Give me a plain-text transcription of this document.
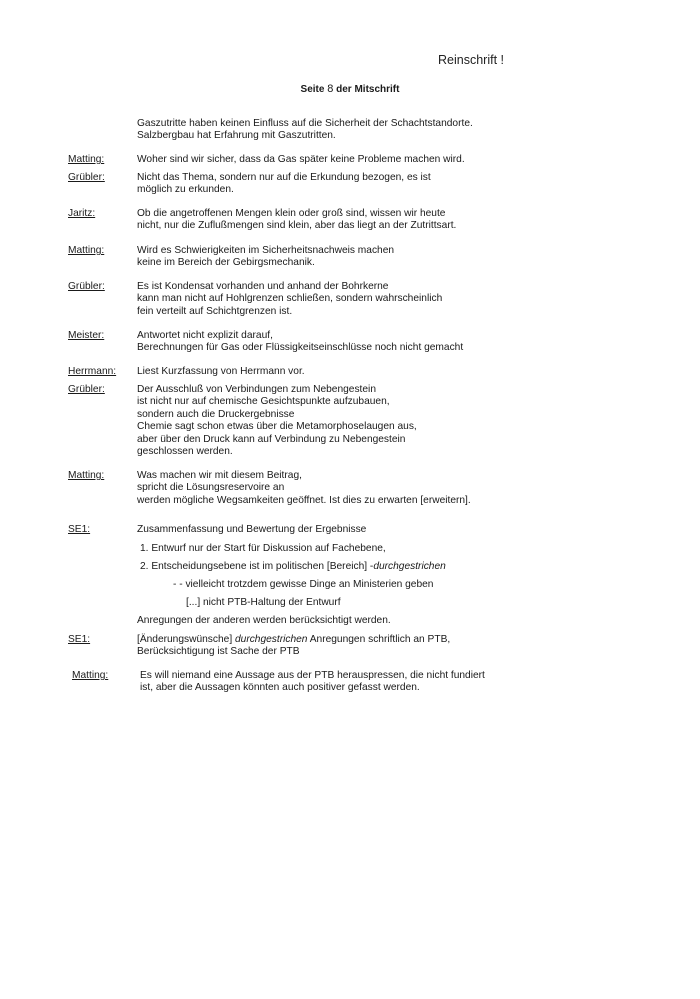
Reinschrift !
Seite 8 der Mitschrift
Gaszutritte haben keinen Einfluss auf die Sicherheit der Schachtstandorte.
Salzbergbau hat Erfahrung mit Gaszutritten.
Matting:	Woher sind wir sicher, dass da Gas später keine Probleme machen wird.
Grübler:	Nicht das Thema, sondern nur auf die Erkundung bezogen, es ist
möglich zu erkunden.
Jaritz:	Ob die angetroffenen Mengen klein oder groß sind, wissen wir heute
nicht, nur die Zuflußmengen sind klein, aber das liegt an der Zutrittsart.
Matting:	Wird es Schwierigkeiten im Sicherheitsnachweis machen
keine im Bereich der Gebirgsmechanik.
Grübler:	Es ist Kondensat vorhanden und anhand der Bohrkerne
kann man nicht auf Hohlgrenzen schließen, sondern wahrscheinlich
fein verteilt auf Schichtgrenzen ist.
Meister:	Antwortet nicht explizit darauf,
Berechnungen für Gas oder Flüssigkeitseinschlüsse noch nicht gemacht
Herrmann: Liest Kurzfassung von Herrmann vor.
Grübler:	Der Ausschluß von Verbindungen zum Nebengestein
ist nicht nur auf chemische Gesichtspunkte aufzubauen,
sondern auch die Druckergebnisse
Chemie sagt schon etwas über die Metamorphoselaugen aus,
aber über den Druck kann auf Verbindung zu Nebengestein
geschlossen werden.
Matting:	Was machen wir mit diesem Beitrag,
spricht die Lösungsreservoire an
werden mögliche Wegsamkeiten geöffnet. Ist dies zu erwarten [erweitern].
SE1:	Zusammenfassung und Bewertung der Ergebnisse
1. Entwurf nur der Start für Diskussion auf Fachebene,
2. Entscheidungsebene ist im politischen [Bereich] -durchgestrichen
- - vielleicht trotzdem gewisse Dinge an Ministerien geben
[...] nicht PTB-Haltung der Entwurf
Anregungen der anderen werden berücksichtigt werden.
SE1:	[Änderungswünsche] durchgestrichen Anregungen schriftlich an PTB,
Berücksichtigung ist Sache der PTB
Matting:	Es will niemand eine Aussage aus der PTB herauspressen, die nicht fundiert
ist, aber die Aussagen könnten auch positiver gefasst werden.
